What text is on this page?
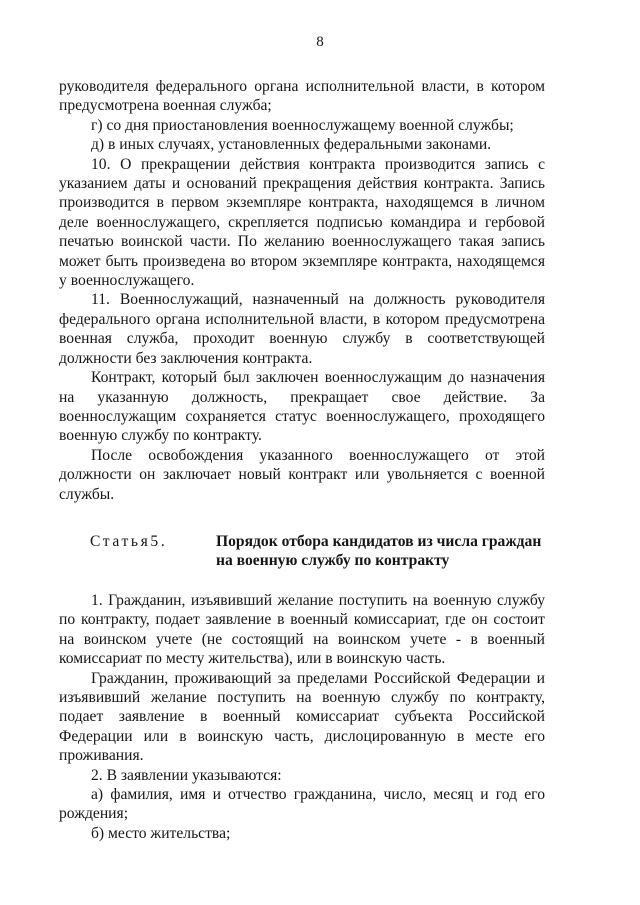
8

руководителя федерального органа исполнительной власти, в котором предусмотрена военная служба;

г) со дня приостановления военнослужащему военной службы;

д) в иных случаях, установленных федеральными законами.

10. О прекращении действия контракта производится запись с указанием даты и оснований прекращения действия контракта. Запись производится в первом экземпляре контракта, находящемся в личном деле военнослужащего, скрепляется подписью командира и гербовой печатью воинской части. По желанию военнослужащего такая запись может быть произведена во втором экземпляре контракта, находящемся у военнослужащего.

11. Военнослужащий, назначенный на должность руководителя федерального органа исполнительной власти, в котором предусмотрена военная служба, проходит военную службу в соответствующей должности без заключения контракта.

Контракт, который был заключен военнослужащим до назначения на указанную должность, прекращает свое действие. За военнослужащим сохраняется статус военнослужащего, проходящего военную службу по контракту.

После освобождения указанного военнослужащего от этой должности он заключает новый контракт или увольняется с военной службы.

Статья5.	Порядок отбора кандидатов из числа граждан на военную службу по контракту

1. Гражданин, изъявивший желание поступить на военную службу по контракту, подает заявление в военный комиссариат, где он состоит на воинском учете (не состоящий на воинском учете - в военный комиссариат по месту жительства), или в воинскую часть.

Гражданин, проживающий за пределами Российской Федерации и изъявивший желание поступить на военную службу по контракту, подает заявление в военный комиссариат субъекта Российской Федерации или в воинскую часть, дислоцированную в месте его проживания.

2. В заявлении указываются:

а) фамилия, имя и отчество гражданина, число, месяц и год его рождения;

б) место жительства;
